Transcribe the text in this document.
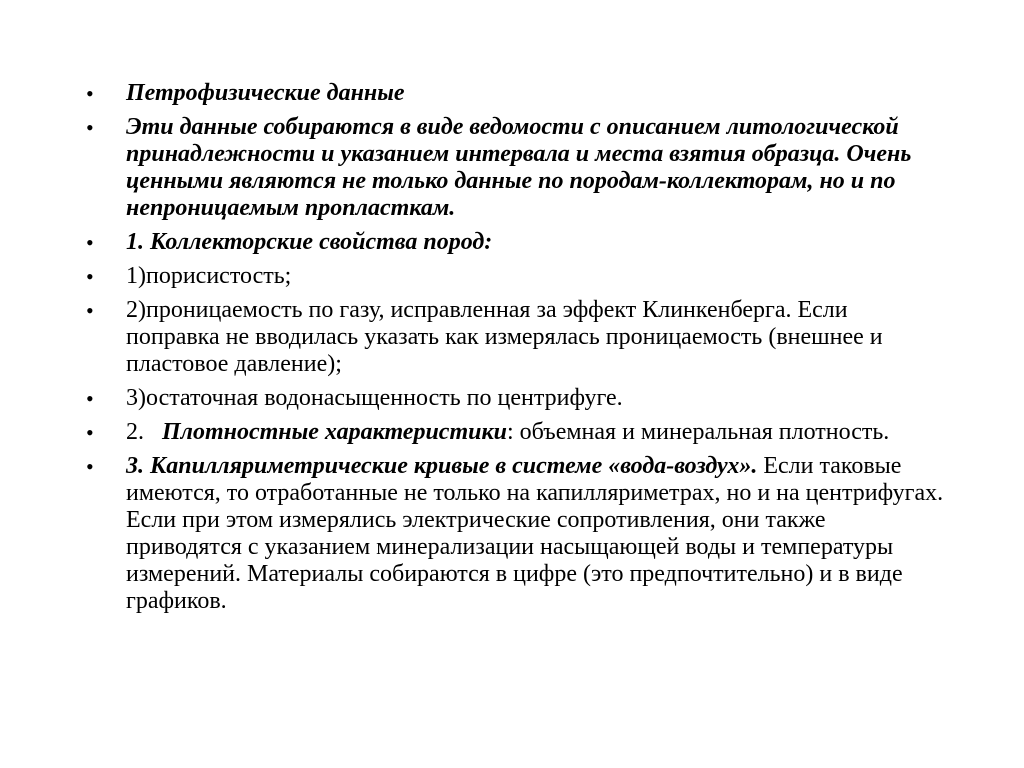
•	Петрофизические данные
•	Эти данные собираются в виде ведомости с описанием литологической принадлежности и указанием интервала и места взятия образца. Очень ценными являются не только данные по породам-коллекторам, но и по непроницаемым пропласткам.
•	1. Коллекторские свойства пород:
•	1)порисистость;
•	2)проницаемость по газу, исправленная за эффект Клинкенберга. Если поправка не вводилась указать как измерялась проницаемость (внешнее и пластовое давление);
•	3)остаточная водонасыщенность по центрифуге.
•	2.   Плотностные характеристики: объемная и минеральная плотность.
•	3. Капилляриметрические кривые в системе «вода-воздух». Если таковые имеются, то отработанные не только на капилляриметрах, но и на центрифугах. Если при этом измерялись электрические сопротивления, они также приводятся с указанием минерализации насыщающей воды и температуры измерений. Материалы собираются в цифре (это предпочтительно) и в виде графиков.
